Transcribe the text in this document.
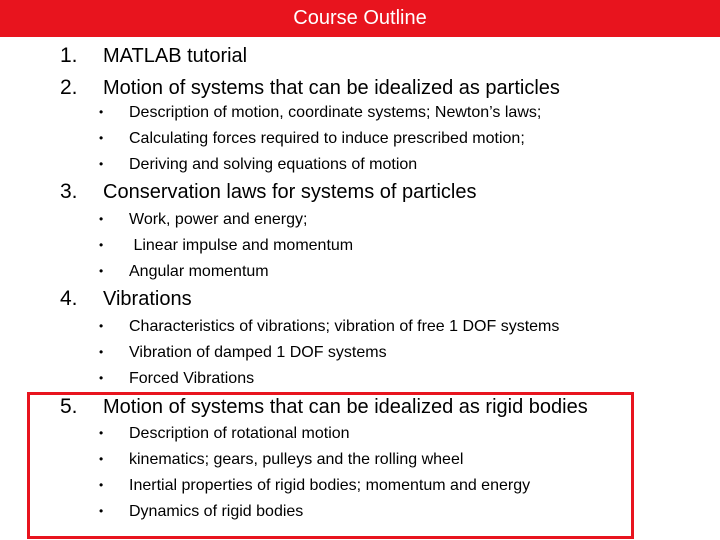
Course Outline
1. MATLAB tutorial
2. Motion of systems that can be idealized as particles
• Description of motion, coordinate systems; Newton’s laws;
• Calculating forces required to induce prescribed motion;
• Deriving and solving equations of motion
3. Conservation laws for systems of particles
• Work, power and energy;
• Linear impulse and momentum
• Angular momentum
4. Vibrations
• Characteristics of vibrations; vibration of free 1 DOF systems
• Vibration of damped 1 DOF systems
• Forced Vibrations
5. Motion of systems that can be idealized as rigid bodies
• Description of rotational motion
• kinematics; gears, pulleys and the rolling wheel
• Inertial properties of rigid bodies; momentum and energy
• Dynamics of rigid bodies
